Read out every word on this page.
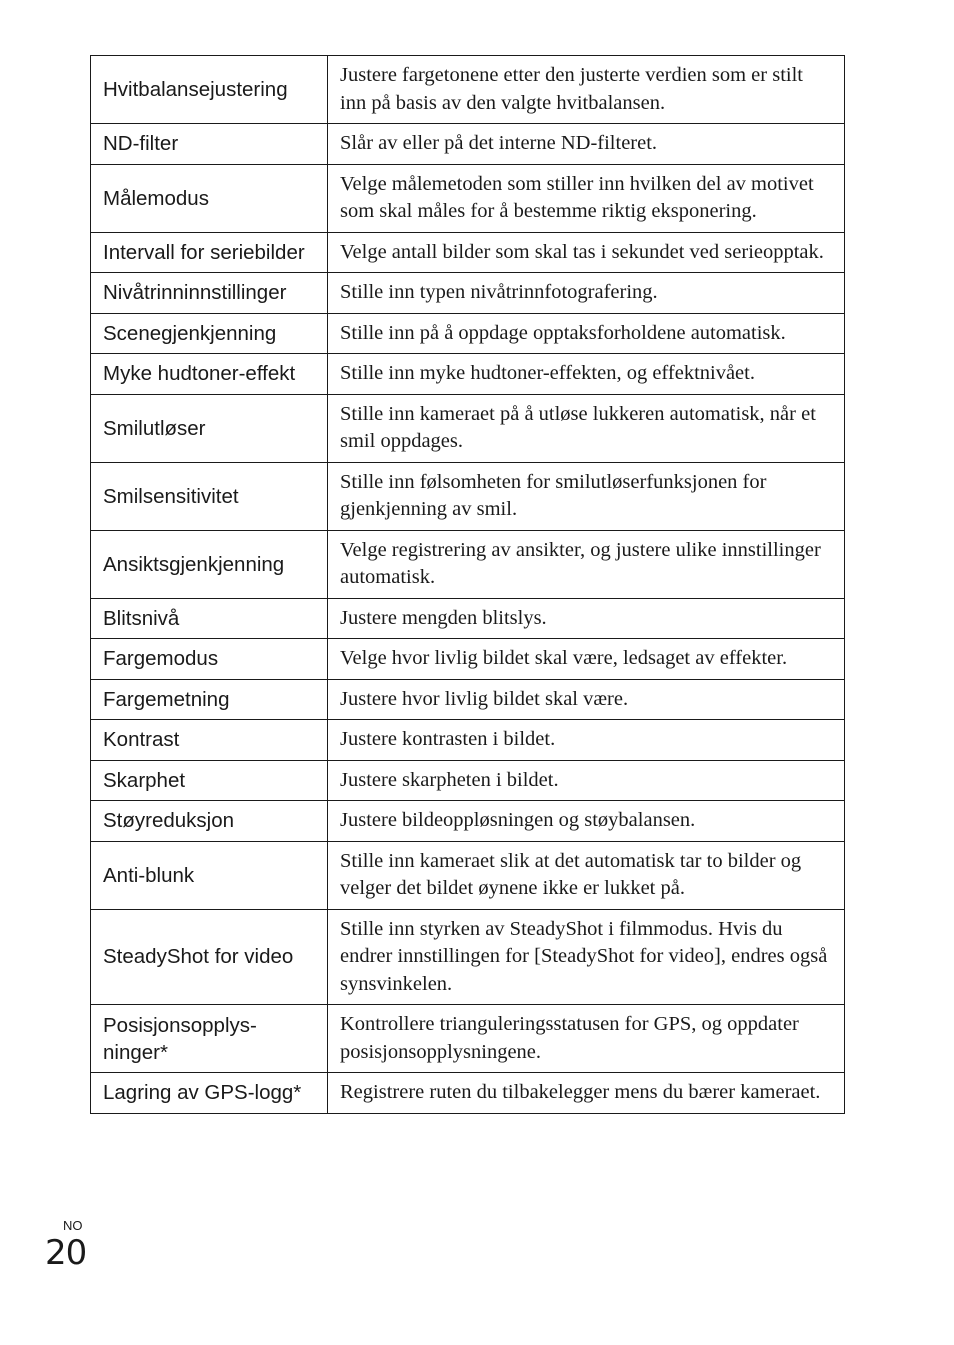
Hvitbalansejustering	Justere fargetonene etter den justerte verdien som er stilt inn på basis av den valgte hvitbalansen.
ND-filter	Slår av eller på det interne ND-filteret.
Målemodus	Velge målemetoden som stiller inn hvilken del av motivet som skal måles for å bestemme riktig eksponering.
Intervall for seriebilder	Velge antall bilder som skal tas i sekundet ved serieopptak.
Nivåtrinninnstillinger	Stille inn typen nivåtrinnfotografering.
Scenegjenkjenning	Stille inn på å oppdage opptaksforholdene automatisk.
Myke hudtoner-effekt	Stille inn myke hudtoner-effekten, og effektnivået.
Smilutløser	Stille inn kameraet på å utløse lukkeren automatisk, når et smil oppdages.
Smilsensitivitet	Stille inn følsomheten for smilutløserfunksjonen for gjenkjenning av smil.
Ansiktsgjenkjenning	Velge registrering av ansikter, og justere ulike innstillinger automatisk.
Blitsnivå	Justere mengden blitslys.
Fargemodus	Velge hvor livlig bildet skal være, ledsaget av effekter.
Fargemetning	Justere hvor livlig bildet skal være.
Kontrast	Justere kontrasten i bildet.
Skarphet	Justere skarpheten i bildet.
Støyreduksjon	Justere bildeoppløsningen og støybalansen.
Anti-blunk	Stille inn kameraet slik at det automatisk tar to bilder og velger det bildet øynene ikke er lukket på.
SteadyShot for video	Stille inn styrken av SteadyShot i filmmodus. Hvis du endrer innstillingen for [SteadyShot for video], endres også synsvinkelen.
Posisjonsopplys-ninger*	Kontrollere trianguleringsstatusen for GPS, og oppdater posisjonsopplysningene.
Lagring av GPS-logg*	Registrere ruten du tilbakelegger mens du bærer kameraet.
NO
20
